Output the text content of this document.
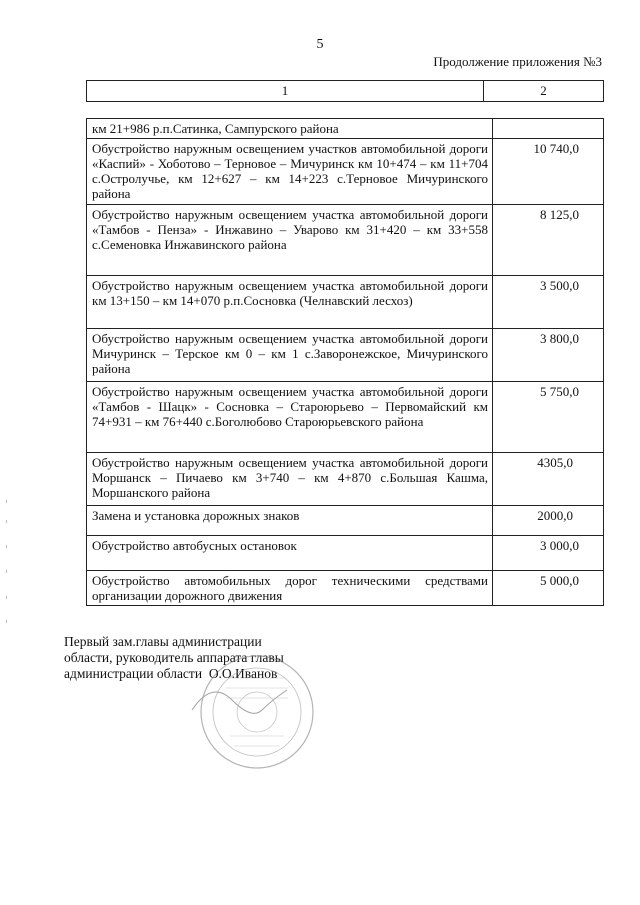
5
Продолжение приложения №3
1	2
км 21+986 р.п.Сатинка, Сампурского района	
Обустройство наружным освещением участков автомобильной дороги «Каспий» - Хоботово – Терновое – Мичуринск км 10+474 – км 11+704 с.Остролучье, км 12+627 – км 14+223 с.Терновое Мичуринского района	10 740,0
Обустройство наружным освещением участка автомобильной дороги «Тамбов - Пенза» - Инжавино – Уварово км 31+420 – км 33+558 с.Семеновка Инжавинского района	8 125,0
Обустройство наружным освещением участка автомобильной дороги км 13+150 – км 14+070 р.п.Сосновка (Челнавский лесхоз)	3 500,0
Обустройство наружным освещением участка автомобильной дороги Мичуринск – Терское км 0 – км 1 с.Заворонежское, Мичуринского района	3 800,0
Обустройство наружным освещением участка автомобильной дороги «Тамбов - Шацк» - Сосновка – Староюрьево – Первомайский км 74+931 – км 76+440 с.Боголюбово Староюрьевского района	5 750,0
Обустройство наружным освещением участка автомобильной дороги Моршанск – Пичаево км 3+740 – км 4+870 с.Большая Кашма, Моршанского района	4305,0
Замена и установка дорожных знаков	2000,0
Обустройство автобусных остановок	3 000,0
Обустройство автомобильных дорог техническими средствами организации дорожного движения	5 000,0
Первый зам.главы администрации
области, руководитель аппарата главы
администрации области О.О.Иванов
